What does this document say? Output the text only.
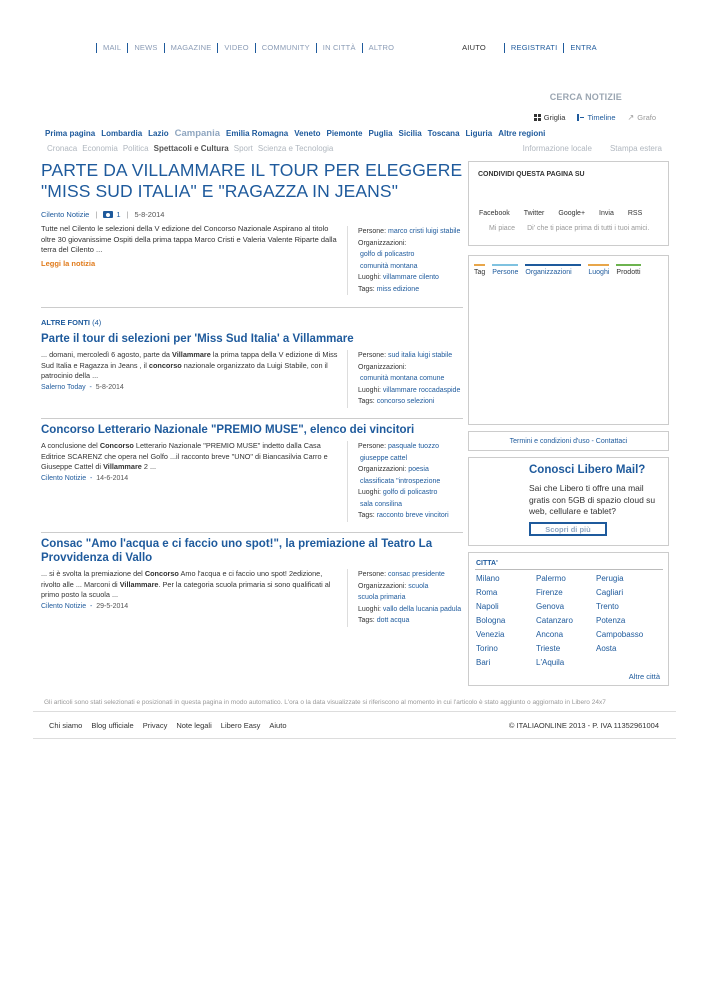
MAIL	NEWS	MAGAZINE	VIDEO	COMMUNITY	IN CITTÀ	ALTRO	AIUTO	REGISTRATI	ENTRA
CERCA NOTIZIE
Griglia	Timeline ↗ Grafo
Prima pagina Lombardia Lazio Campania Emilia Romagna Veneto Piemonte Puglia Sicilia Toscana Liguria Altre regioni
Cronaca Economia Politica Spettacoli e Cultura Sport Scienza e Tecnologia	Informazione locale Stampa estera
PARTE DA VILLAMMARE IL TOUR PER ELEGGERE "MISS SUD ITALIA" E "RAGAZZA IN JEANS"
Cilento Notizie |	1 | 5-8-2014
Tutte nel Cilento le selezioni della V edizione del Concorso Nazionale Aspirano al titolo oltre 30 giovanissime Ospiti della prima tappa Marco Cristi e Valeria Valente Riparte dalla terra del Cilento ...
Leggi la notizia
Persone: marco cristi luigi stabile
Organizzazioni:
golfo di policastro
comunità montana
Luoghi: villammare cilento
Tags: miss edizione
ALTRE FONTI (4)
Parte il tour di selezioni per 'Miss Sud Italia' a Villammare
... domani, mercoledì 6 agosto, parte da Villammare la prima tappa della V edizione di Miss Sud Italia e Ragazza in Jeans , il concorso nazionale organizzato da Luigi Stabile, con il patrocinio della ...
Salerno Today  -  5-8-2014
Persone: sud italia luigi stabile
Organizzazioni:
comunità montana comune
Luoghi: villammare roccadaspide
Tags: concorso selezioni
Concorso Letterario Nazionale "PREMIO MUSE", elenco dei vincitori
A conclusione del Concorso Letterario Nazionale "PREMIO MUSE" indetto dalla Casa Editrice SCARENZ che opera nel Golfo ...il racconto breve "UNO" di Biancasilvia Carro e Giuseppe Cattel di Villammare 2 ...
Cilento Notizie  -  14-6-2014
Persone: pasquale tuozzo
giuseppe cattel
Organizzazioni: poesia
classificata "introspezione
Luoghi: golfo di policastro
sala consilina
Tags: racconto breve vincitori
Consac "Amo l'acqua e ci faccio uno spot!", la premiazione al Teatro La Provvidenza di Vallo
... si è svolta la premiazione del Concorso Amo l'acqua e ci faccio uno spot! 2edizione, rivolto alle ... Marconi di Villammare. Per la categoria scuola primaria si sono qualificati al primo posto la scuola ...
Cilento Notizie  -  29-5-2014
Persone: consac presidente
Organizzazioni: scuola
scuola primaria
Luoghi: vallo della lucania padula
Tags: dott acqua
CONDIVIDI QUESTA PAGINA SU
Facebook Twitter Google+ Invia RSS
Mi piace Di' che ti piace prima di tutti i tuoi amici.
Tag Persone Organizzazioni	Luoghi Prodotti
Termini e condizioni d'uso - Contattaci
Conosci Libero Mail?
Sai che Libero ti offre una mail gratis con 5GB di spazio cloud su web, cellulare e tablet?
Scopri di più
CITTA'
Milano	Palermo	Perugia
Roma	Firenze	Cagliari
Napoli	Genova	Trento
Bologna	Catanzaro	Potenza
Venezia	Ancona	Campobasso
Torino	Trieste	Aosta
Bari	L'Aquila
Altre città
Gli articoli sono stati selezionati e posizionati in questa pagina in modo automatico. L'ora o la data visualizzate si riferiscono al momento in cui l'articolo è stato aggiunto o aggiornato in Libero 24x7
Chi siamo Blog ufficiale Privacy Note legali Libero Easy Aiuto	© ITALIAONLINE 2013 - P. IVA 11352961004
